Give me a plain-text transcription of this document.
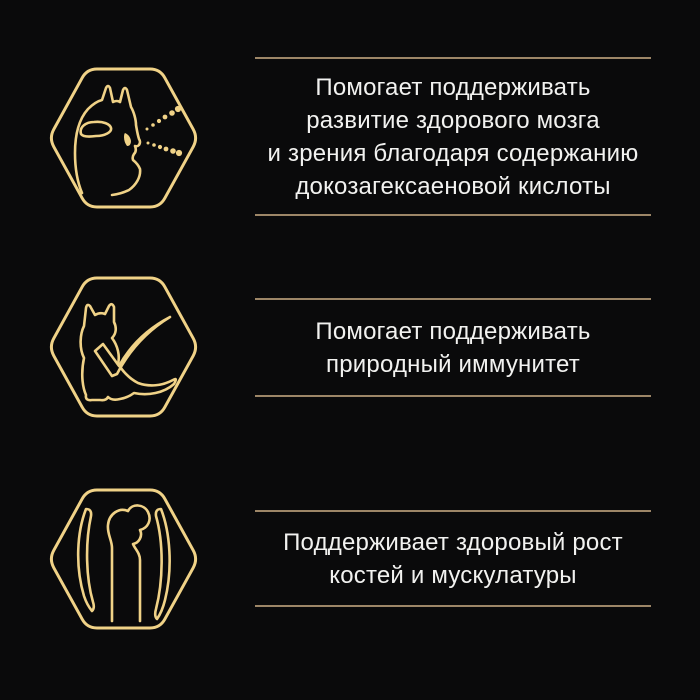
Помогает поддерживать

развитие здорового мозга

и зрения благодаря содержанию

докозагексаеновой кислоты

Помогает поддерживать

природный иммунитет

Поддерживает здоровый рост

костей и мускулатуры
